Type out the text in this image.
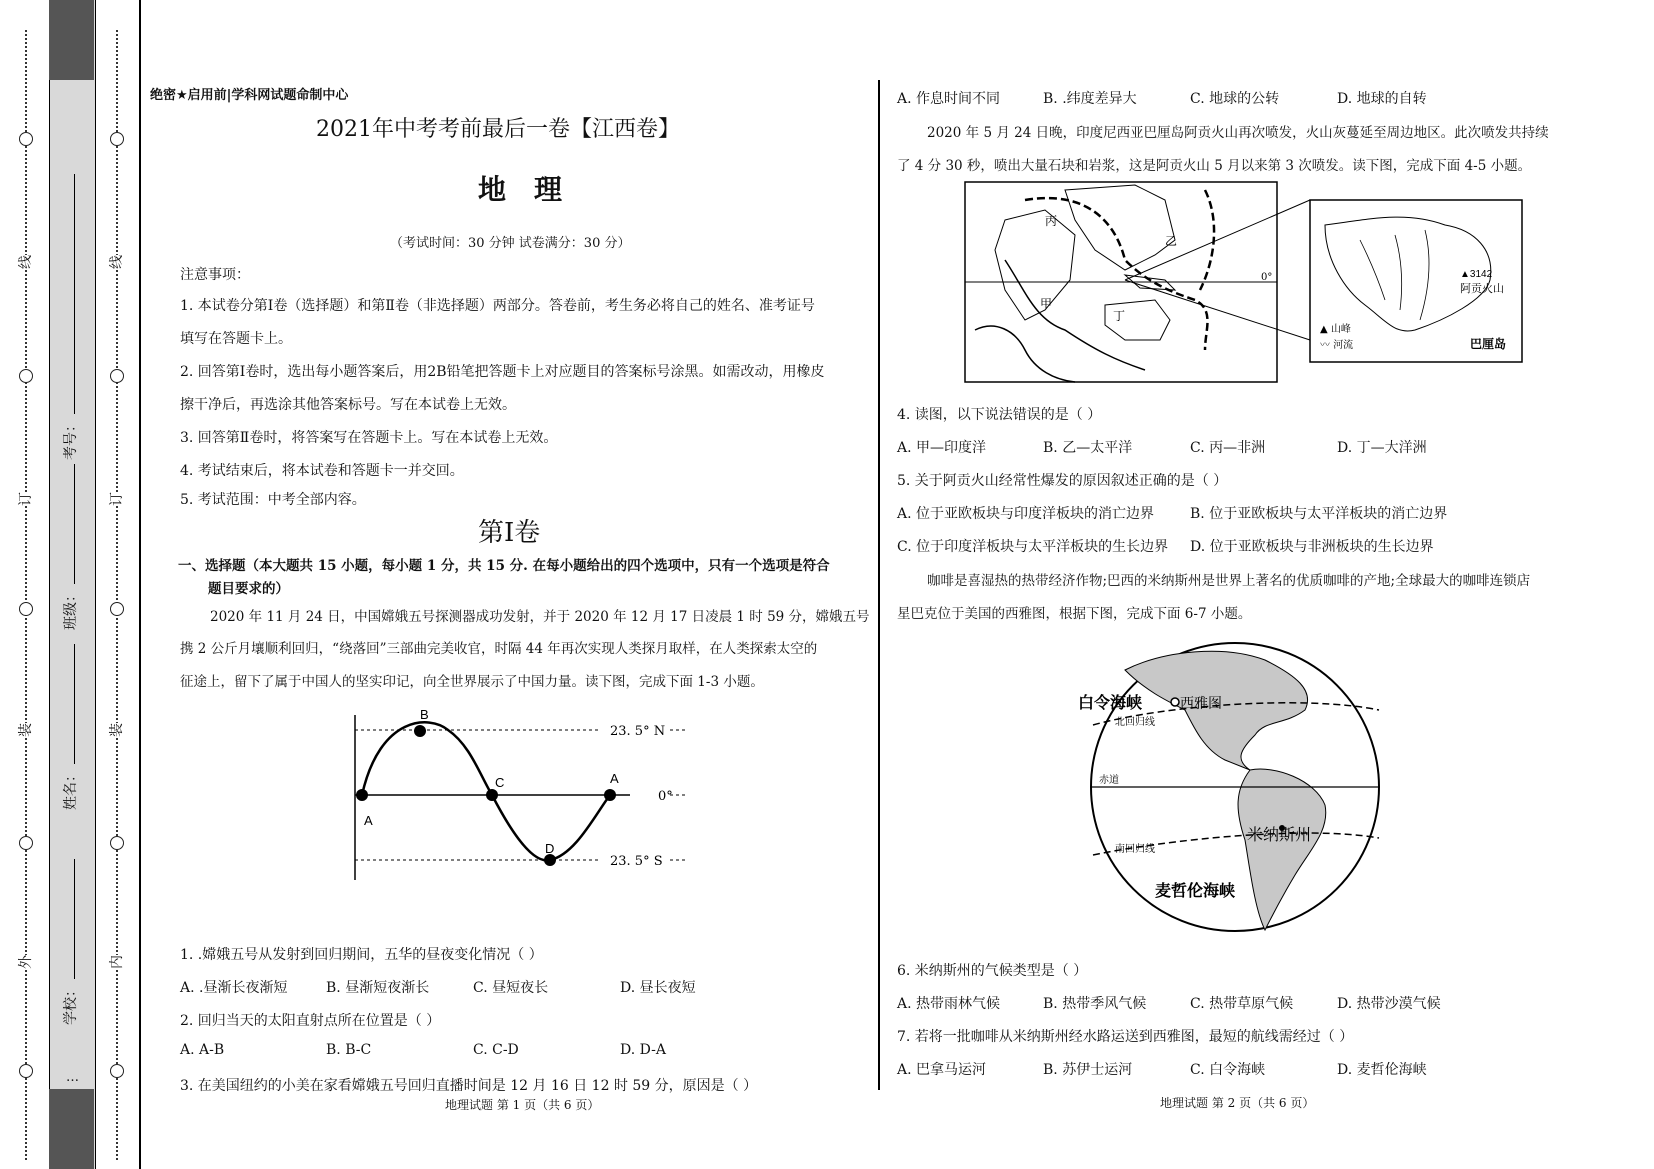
外
装
订
线
内
装
订
线
学校：
姓名：
班级：
考号：
…
绝密★启用前|学科网试题命制中心
2021年中考考前最后一卷【江西卷】
地理
（考试时间：30 分钟 试卷满分：30 分）
注意事项：
1. 本试卷分第Ⅰ卷（选择题）和第Ⅱ卷（非选择题）两部分。答卷前，考生务必将自己的姓名、准考证号
填写在答题卡上。
2. 回答第Ⅰ卷时，选出每小题答案后，用2B铅笔把答题卡上对应题目的答案标号涂黑。如需改动，用橡皮
擦干净后，再选涂其他答案标号。写在本试卷上无效。
3. 回答第Ⅱ卷时，将答案写在答题卡上。写在本试卷上无效。
4. 考试结束后，将本试卷和答题卡一并交回。
5. 考试范围：中考全部内容。
第Ⅰ卷
一、选择题（本大题共 15 小题，每小题 1 分，共 15 分. 在每小题给出的四个选项中，只有一个选项是符合
题目要求的）
2020 年 11 月 24 日，中国嫦娥五号探测器成功发射，并于 2020 年 12 月 17 日凌晨 1 时 59 分，嫦娥五号
携 2 公斤月壤顺利回归，“绕落回”三部曲完美收官，时隔 44 年再次实现人类探月取样，在人类探索太空的
征途上，留下了属于中国人的坚实印记，向全世界展示了中国力量。读下图，完成下面 1-3 小题。
A
B
C	A
D
23. 5° N
0°
23. 5° S
1. .嫦娥五号从发射到回归期间，五华的昼夜变化情况（ ）
A. .昼渐长夜渐短	B. 昼渐短夜渐长	C. 昼短夜长	D. 昼长夜短
2. 回归当天的太阳直射点所在位置是（ ）
A. A-B	B. B-C	C. C-D	D. D-A
3. 在美国纽约的小美在家看嫦娥五号回归直播时间是 12 月 16 日 12 时 59 分，原因是（ ）
地理试题 第 1 页（共 6 页）
A. 作息时间不同	B. .纬度差异大	C. 地球的公转	D. 地球的自转
2020 年 5 月 24 日晚，印度尼西亚巴厘岛阿贡火山再次喷发，火山灰蔓延至周边地区。此次喷发共持续
了 4 分 30 秒，喷出大量石块和岩浆，这是阿贡火山 5 月以来第 3 次喷发。读下图，完成下面 4-5 小题。
丙
乙
甲
丁
0°	▲3142
阿贡火山
▲ 山峰
〰 河流	巴厘岛
4. 读图，以下说法错误的是（ ）
A. 甲—印度洋	B. 乙—太平洋	C. 丙—非洲	D. 丁—大洋洲
5. 关于阿贡火山经常性爆发的原因叙述正确的是（ ）
A. 位于亚欧板块与印度洋板块的消亡边界	B. 位于亚欧板块与太平洋板块的消亡边界
C. 位于印度洋板块与太平洋板块的生长边界 D. 位于亚欧板块与非洲板块的生长边界
咖啡是喜湿热的热带经济作物;巴西的米纳斯州是世界上著名的优质咖啡的产地;全球最大的咖啡连锁店
星巴克位于美国的西雅图，根据下图，完成下面 6-7 小题。
白令海峡	西雅图
北回归线
赤道
米纳斯州
南回归线
麦哲伦海峡
6. 米纳斯州的气候类型是（ ）
A. 热带雨林气候	B. 热带季风气候	C. 热带草原气候	D. 热带沙漠气候
7. 若将一批咖啡从米纳斯州经水路运送到西雅图，最短的航线需经过（ ）
A. 巴拿马运河	B. 苏伊士运河	C. 白令海峡	D. 麦哲伦海峡
地理试题 第 2 页（共 6 页）
